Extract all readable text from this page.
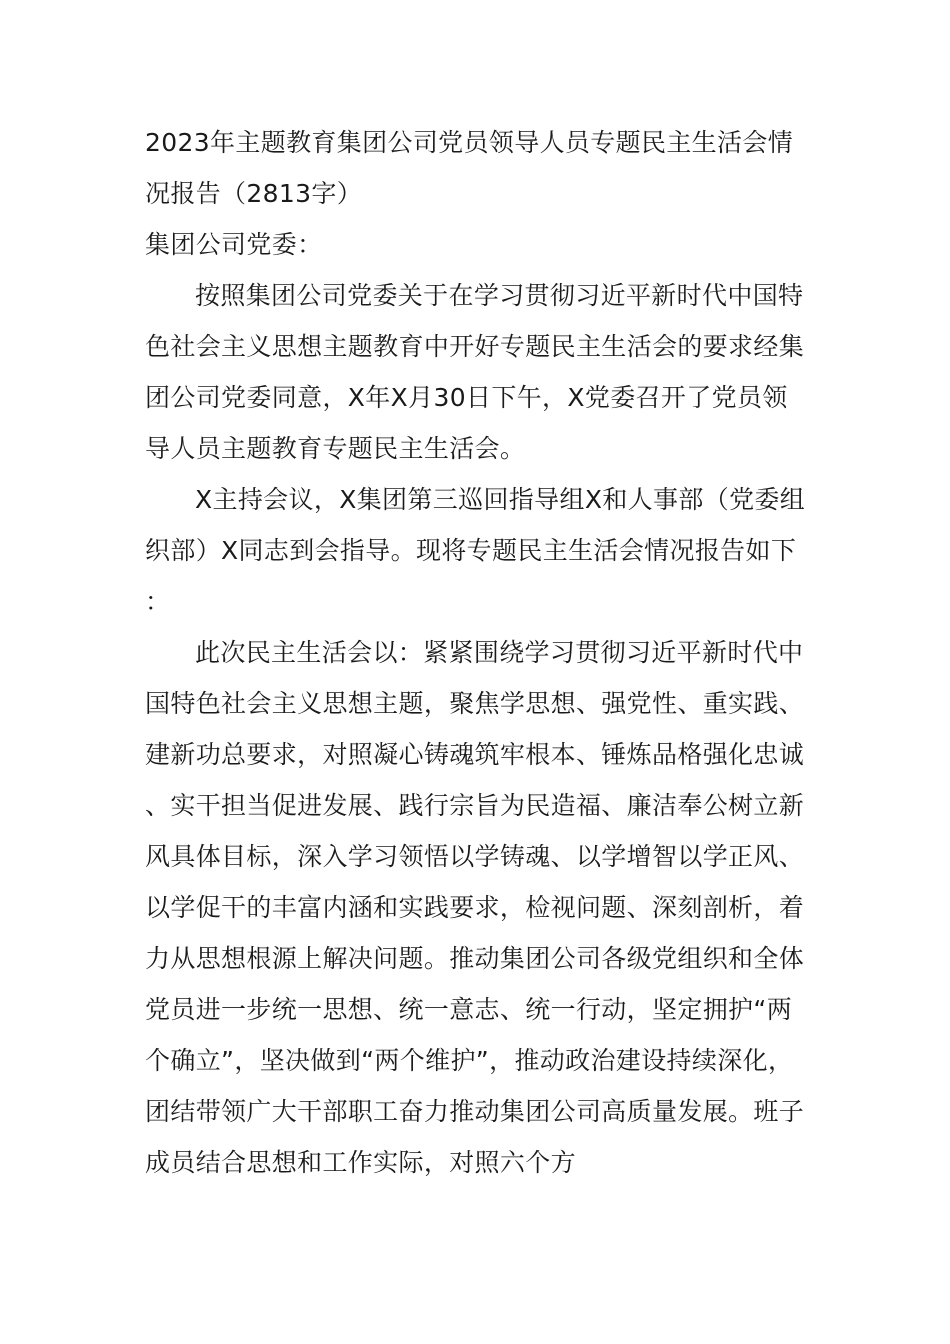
2023年主题教育集团公司党员领导人员专题民主生活会情况报告（2813字）

集团公司党委：

按照集团公司党委关于在学习贯彻习近平新时代中国特色社会主义思想主题教育中开好专题民主生活会的要求经集团公司党委同意，X年X月30日下午，X党委召开了党员领导人员主题教育专题民主生活会。

X主持会议，X集团第三巡回指导组X和人事部（党委组织部）X同志到会指导。现将专题民主生活会情况报告如下：

此次民主生活会以：紧紧围绕学习贯彻习近平新时代中国特色社会主义思想主题，聚焦学思想、强党性、重实践、建新功总要求，对照凝心铸魂筑牢根本、锤炼品格强化忠诚、实干担当促进发展、践行宗旨为民造福、廉洁奉公树立新风具体目标，深入学习领悟以学铸魂、以学增智以学正风、以学促干的丰富内涵和实践要求，检视问题、深刻剖析，着力从思想根源上解决问题。推动集团公司各级党组织和全体党员进一步统一思想、统一意志、统一行动，坚定拥护“两个确立”，坚决做到“两个维护”，推动政治建设持续深化，团结带领广大干部职工奋力推动集团公司高质量发展。班子成员结合思想和工作实际，对照六个方
